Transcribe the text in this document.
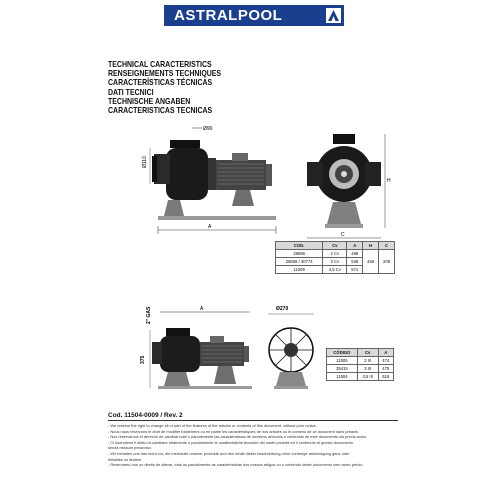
ASTRALPOOL
TECHNICAL CARACTERISTICS
RENSEIGNEMENTS TECHNIQUES
CARACTERÍSTICAS TÉCNICAS
DATI TECNICI
TECHNISCHE ANGABEN
CARACTERISTICAS TECNICAS
Ø90
Ø110
A
H
C
COD.	Cv	A	H	C
28566	2 Cv	496	466	208
28568 / 30774	3 Cv	538		
11509	4,5 Cv	571		
2" GAS
375
A	Ø270
CÓDIGO	Cv	A
11505	2 III	474
25415	3 III	475
11504	3,5 III	516
Cod. 11504-0009 / Rev. 2
- We reserve the right to change all or part of the features of the articles or contents of this document, without prior notice.
- Nous nous réservons le droit de modifier totalement ou en partie les caractéristiques de nos articles ou le contenu de ce document sans préavis.
- Nos reservamos el derecho de cambiar total o parcialmente las características de nuestros artículos o contenido de este documento sin previo aviso.
- Ci riserviamo il diritto di cambiare totalmente o parzialmente le caratteristiche tecniche dei nostri prodotti ed il contenuto di questo documento
senza nessum preavviso.
- Wir behalten uns das recht vor, die merkmale unserer produkte und den inhalt dieser beschreibung ohne vorherige ankündigung ganz oder
teilweise zu ändern.
- Reservamo-nos no direito de alterar, total ou parcialmente as características dos nossos artigos ou o conteúdo deste documento sem aviso prévio.
